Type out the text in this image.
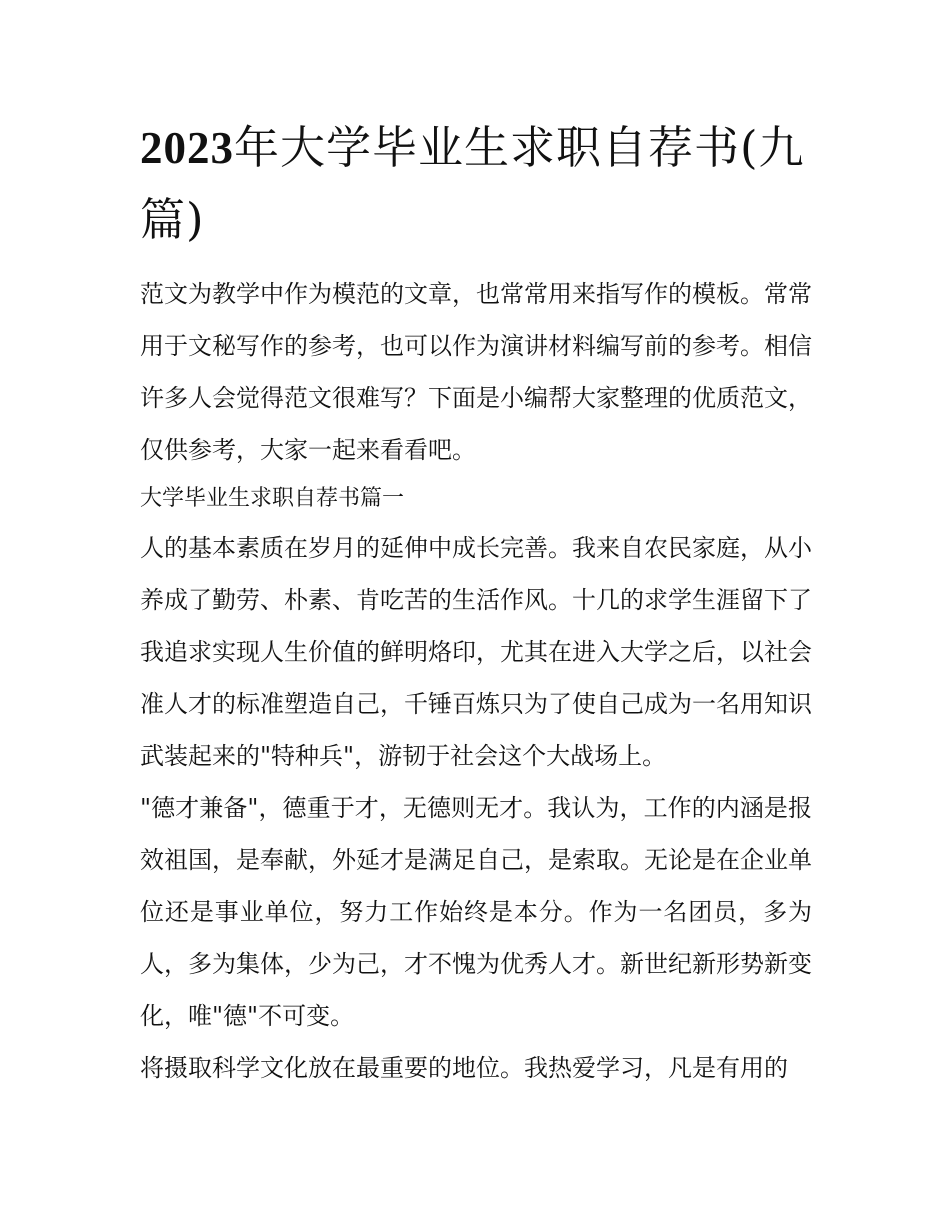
2023年大学毕业生求职自荐书(九篇)

范文为教学中作为模范的文章，也常常用来指写作的模板。常常用于文秘写作的参考，也可以作为演讲材料编写前的参考。相信许多人会觉得范文很难写？下面是小编帮大家整理的优质范文，仅供参考，大家一起来看看吧。

大学毕业生求职自荐书篇一

人的基本素质在岁月的延伸中成长完善。我来自农民家庭，从小养成了勤劳、朴素、肯吃苦的生活作风。十几的求学生涯留下了我追求实现人生价值的鲜明烙印，尤其在进入大学之后，以社会准人才的标准塑造自己，千锤百炼只为了使自己成为一名用知识武装起来的"特种兵"，游韧于社会这个大战场上。

"德才兼备"，德重于才，无德则无才。我认为，工作的内涵是报效祖国，是奉献，外延才是满足自己，是索取。无论是在企业单位还是事业单位，努力工作始终是本分。作为一名团员，多为人，多为集体，少为己，才不愧为优秀人才。新世纪新形势新变化，唯"德"不可变。

将摄取科学文化放在最重要的地位。我热爱学习，凡是有用的
